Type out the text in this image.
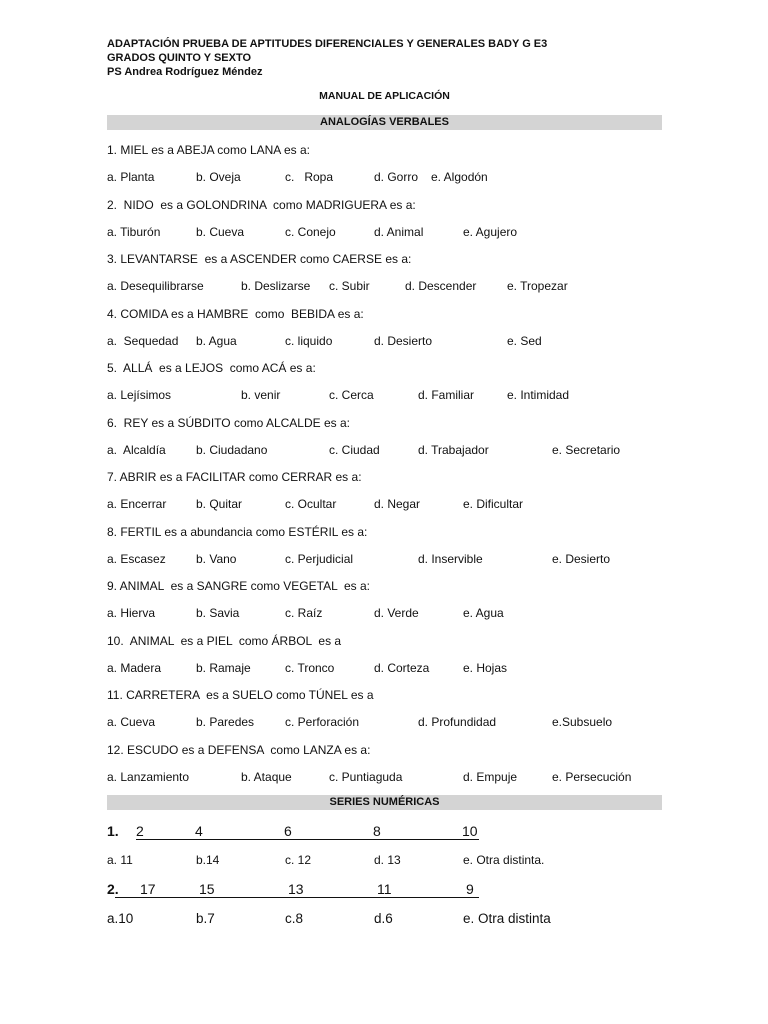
ADAPTACIÓN PRUEBA DE APTITUDES DIFERENCIALES Y GENERALES BADY G E3
GRADOS QUINTO Y SEXTO
PS Andrea Rodríguez Méndez
MANUAL DE APLICACIÓN
ANALOGÍAS VERBALES
1. MIEL es a ABEJA como LANA es a:
a. Planta	b. Oveja	c.   Ropa	d. Gorro e. Algodón
2.  NIDO  es a GOLONDRINA  como MADRIGUERA es a:
a. Tiburón	b. Cueva	c. Conejo	d. Animal	e. Agujero
3. LEVANTARSE  es a ASCENDER como CAERSE es a:
a. Desequilibrarse	b. Deslizarse c. Subir	d. Descender	e. Tropezar
4. COMIDA es a HAMBRE  como  BEBIDA es a:
a.  Sequedad b. Agua	c. liquido	d. Desierto	e. Sed
5.  ALLÁ  es a LEJOS  como ACÁ es a:
a. Lejísimos	b. venir	c. Cerca	d. Familiar	e. Intimidad
6.  REY es a SÚBDITO como ALCALDE es a:
a.  Alcaldía	b. Ciudadano	c. Ciudad	d. Trabajador	e. Secretario
7. ABRIR es a FACILITAR como CERRAR es a:
a. Encerrar b. Quitar	c. Ocultar	d. Negar	e. Dificultar
8. FERTIL es a abundancia como ESTÉRIL es a:
a. Escasez	b. Vano	c. Perjudicial	d. Inservible	e. Desierto
9. ANIMAL  es a SANGRE como VEGETAL  es a:
a. Hierva	b. Savia	c. Raíz	d. Verde	e. Agua
10.  ANIMAL  es a PIEL  como ÁRBOL  es a
a. Madera	b. Ramaje	c. Tronco	d. Corteza	e. Hojas
11. CARRETERA  es a SUELO como TÚNEL es a
a. Cueva	b. Paredes	c. Perforación	d. Profundidad	e.Subsuelo
12. ESCUDO es a DEFENSA  como LANZA es a:
a. Lanzamiento	b. Ataque	c. Puntiaguda	d. Empuje	e. Persecución
SERIES NUMÉRICAS
1. 2	4	6	8	10
a. 11	b.14	c. 12	d. 13	e. Otra distinta.
2. 17	15	13	11	9
a.10	b.7	c.8	d.6	e. Otra distinta
